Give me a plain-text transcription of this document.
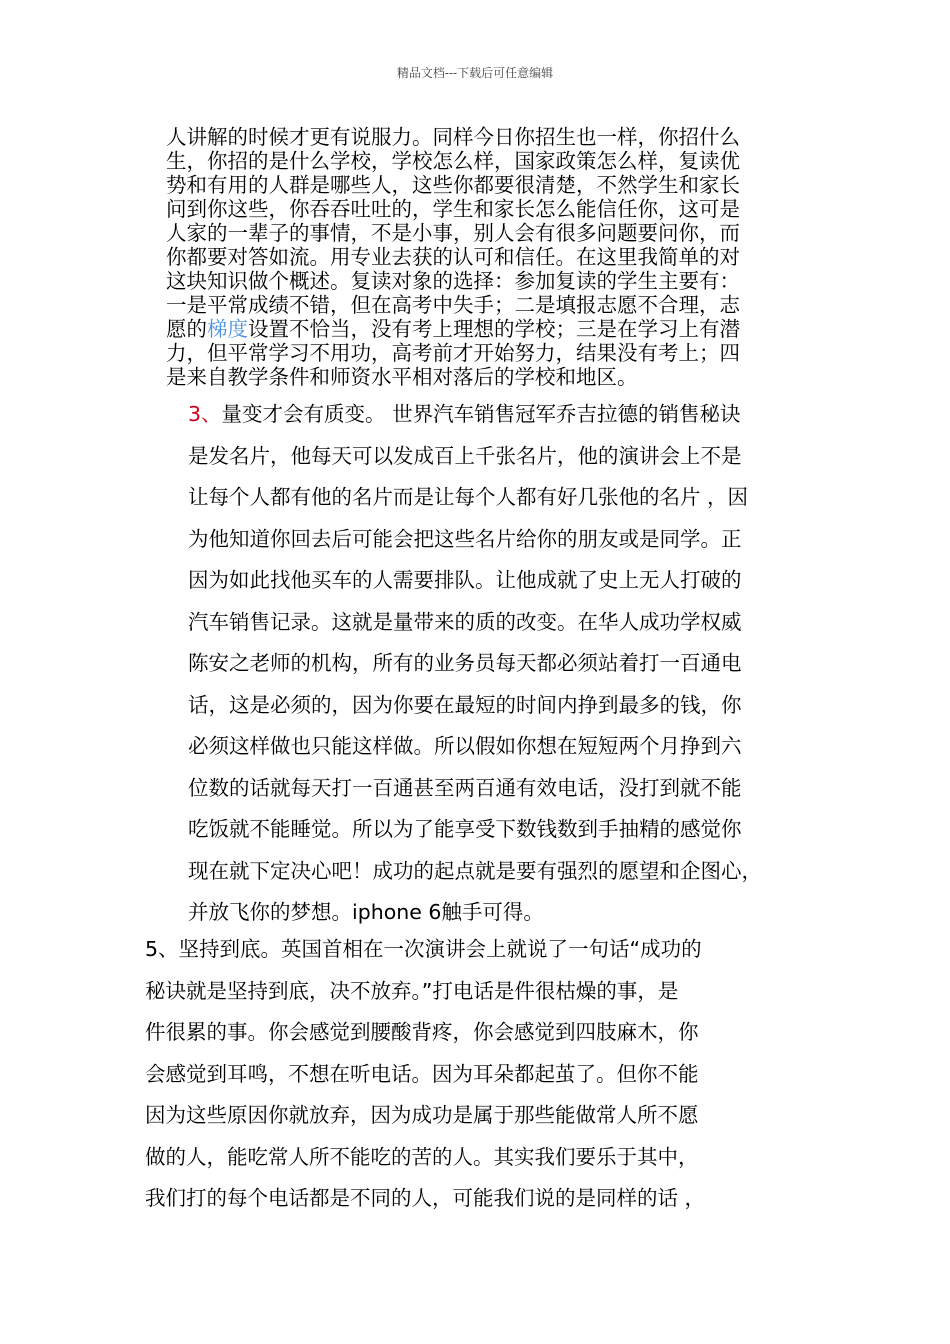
精品文档---下载后可任意编辑
人讲解的时候才更有说服力。同样今日你招生也一样，你招什么
生，你招的是什么学校，学校怎么样，国家政策怎么样，复读优
势和有用的人群是哪些人，这些你都要很清楚，不然学生和家长
问到你这些，你吞吞吐吐的，学生和家长怎么能信任你，这可是
人家的一辈子的事情，不是小事，别人会有很多问题要问你，而
你都要对答如流。用专业去获的认可和信任。在这里我简单的对
这块知识做个概述。复读对象的选择：参加复读的学生主要有：
一是平常成绩不错，但在高考中失手；二是填报志愿不合理，志
愿的梯度设置不恰当，没有考上理想的学校；三是在学习上有潜
力，但平常学习不用功，高考前才开始努力，结果没有考上；四
是来自教学条件和师资水平相对落后的学校和地区。
3、量变才会有质变。 世界汽车销售冠军乔吉拉德的销售秘诀
是发名片，他每天可以发成百上千张名片，他的演讲会上不是
让每个人都有他的名片而是让每个人都有好几张他的名片 ，因
为他知道你回去后可能会把这些名片给你的朋友或是同学。正
因为如此找他买车的人需要排队。让他成就了史上无人打破的
汽车销售记录。这就是量带来的质的改变。在华人成功学权威
陈安之老师的机构，所有的业务员每天都必须站着打一百通电
话，这是必须的，因为你要在最短的时间内挣到最多的钱，你
必须这样做也只能这样做。所以假如你想在短短两个月挣到六
位数的话就每天打一百通甚至两百通有效电话，没打到就不能
吃饭就不能睡觉。所以为了能享受下数钱数到手抽精的感觉你
现在就下定决心吧！成功的起点就是要有强烈的愿望和企图心，
并放飞你的梦想。iphone 6触手可得。
5、坚持到底。英国首相在一次演讲会上就说了一句话“成功的
秘诀就是坚持到底，决不放弃。”打电话是件很枯燥的事，是
件很累的事。你会感觉到腰酸背疼，你会感觉到四肢麻木，你
会感觉到耳鸣，不想在听电话。因为耳朵都起茧了。但你不能
因为这些原因你就放弃，因为成功是属于那些能做常人所不愿
做的人，能吃常人所不能吃的苦的人。其实我们要乐于其中，
我们打的每个电话都是不同的人，可能我们说的是同样的话 ，
